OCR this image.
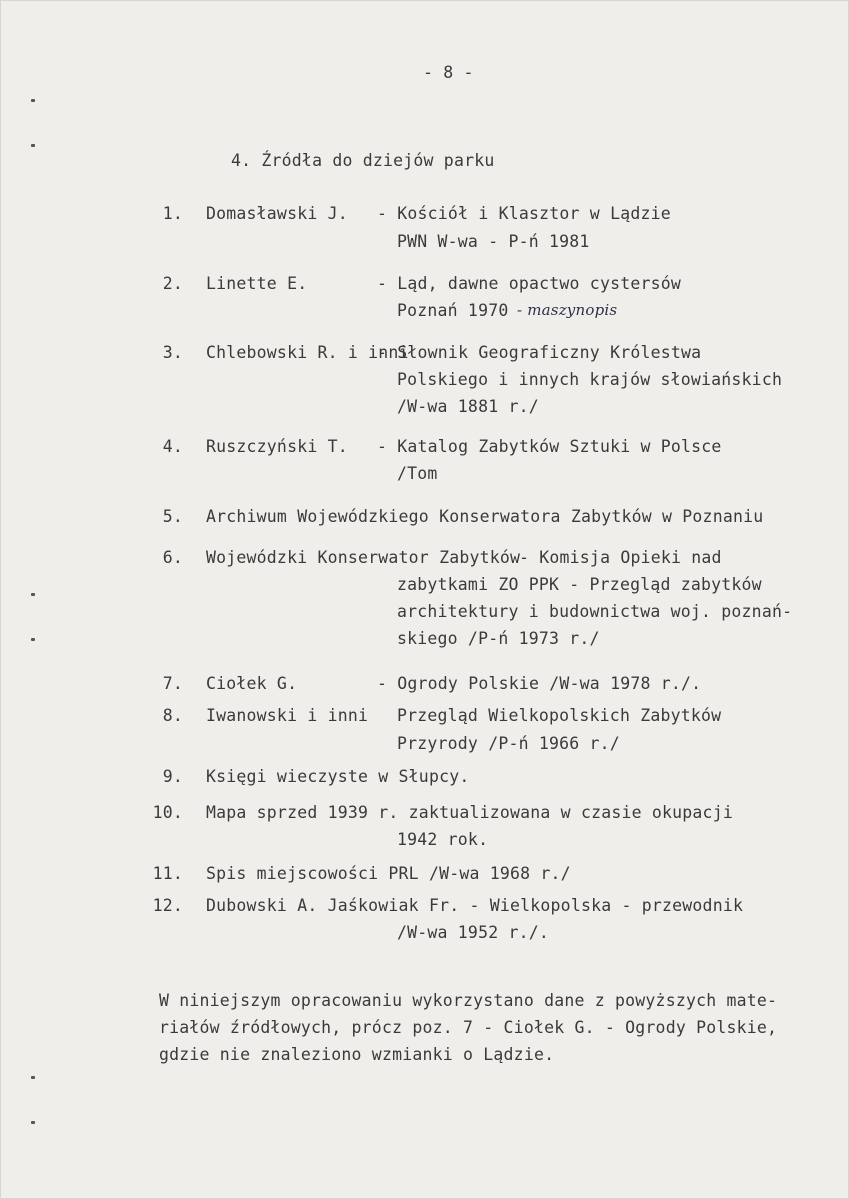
- 8 -
4. Źródła do dziejów parku
1. Domasławski J. - Kościół i Klasztor w Lądzie
PWN W-wa - P-ń 1981
2. Linette E.	- Ląd, dawne opactwo cystersów
Poznań 1970 - maszynopis
3. Chlebowski R. i inni
- Słownik Geograficzny Królestwa
Polskiego i innych krajów słowiańskich
/W-wa 1881 r./
4. Ruszczyński T. - Katalog Zabytków Sztuki w Polsce
/Tom
5. Archiwum Wojewódzkiego Konserwatora Zabytków w Poznaniu
6. Wojewódzki Konserwator Zabytków
- Komisja Opieki nad
zabytkami ZO PPK - Przegląd zabytków
architektury i budownictwa woj. poznań-
skiego /P-ń 1973 r./
7. Ciołek G.	- Ogrody Polskie /W-wa 1978 r./.
8. Iwanowski i inni Przegląd Wielkopolskich Zabytków
Przyrody /P-ń 1966 r./
9. Księgi wieczyste w Słupcy.
10. Mapa sprzed 1939 r. zaktualizowana w czasie okupacji
1942 rok.
11. Spis miejscowości PRL /W-wa 1968 r./
12. Dubowski A. Jaśkowiak Fr. - Wielkopolska - przewodnik
/W-wa 1952 r./.
W niniejszym opracowaniu wykorzystano dane z powyższych mate-
riałów źródłowych, prócz poz. 7 - Ciołek G. - Ogrody Polskie,
gdzie nie znaleziono wzmianki o Lądzie.
